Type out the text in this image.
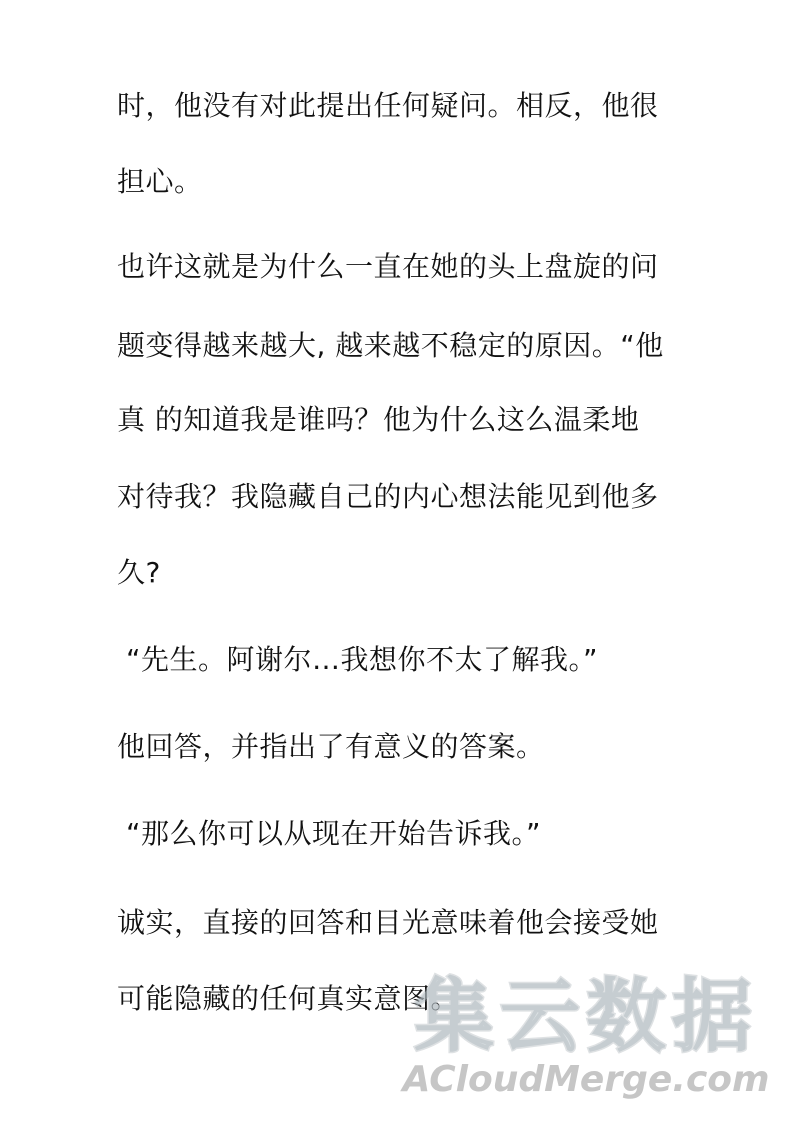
时，他没有对此提出任何疑问。相反，他很
担心。
也许这就是为什么一直在她的头上盘旋的问
题变得越来越大, 越来越不稳定的原因。“他
真 的知道我是谁吗？他为什么这么温柔地
对待我？我隐藏自己的内心想法能见到他多
久?
“先生。阿谢尔…我想你不太了解我。”
他回答，并指出了有意义的答案。
“那么你可以从现在开始告诉我。”
诚实，直接的回答和目光意味着他会接受她
可能隐藏的任何真实意图。
集云数据
ACloudMerge.com
